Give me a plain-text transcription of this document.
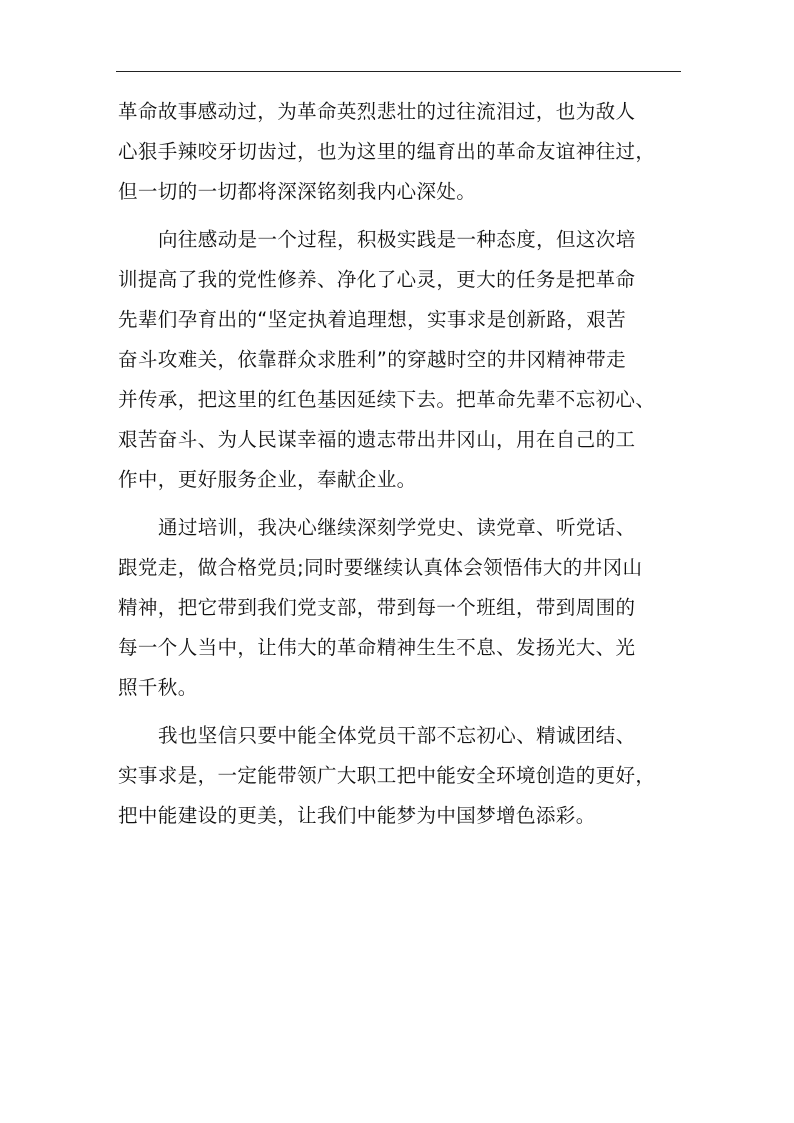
革命故事感动过，为革命英烈悲壮的过往流泪过，也为敌人
心狠手辣咬牙切齿过，也为这里的缊育出的革命友谊神往过，
但一切的一切都将深深铭刻我内心深处。
向往感动是一个过程，积极实践是一种态度，但这次培
训提高了我的党性修养、净化了心灵，更大的任务是把革命
先辈们孕育出的“坚定执着追理想，实事求是创新路，艰苦
奋斗攻难关，依靠群众求胜利”的穿越时空的井冈精神带走
并传承，把这里的红色基因延续下去。把革命先辈不忘初心、
艰苦奋斗、为人民谋幸福的遗志带出井冈山，用在自己的工
作中，更好服务企业，奉献企业。
通过培训，我决心继续深刻学党史、读党章、听党话、
跟党走，做合格党员;同时要继续认真体会领悟伟大的井冈山
精神，把它带到我们党支部，带到每一个班组，带到周围的
每一个人当中，让伟大的革命精神生生不息、发扬光大、光
照千秋。
我也坚信只要中能全体党员干部不忘初心、精诚团结、
实事求是，一定能带领广大职工把中能安全环境创造的更好，
把中能建设的更美，让我们中能梦为中国梦增色添彩。
